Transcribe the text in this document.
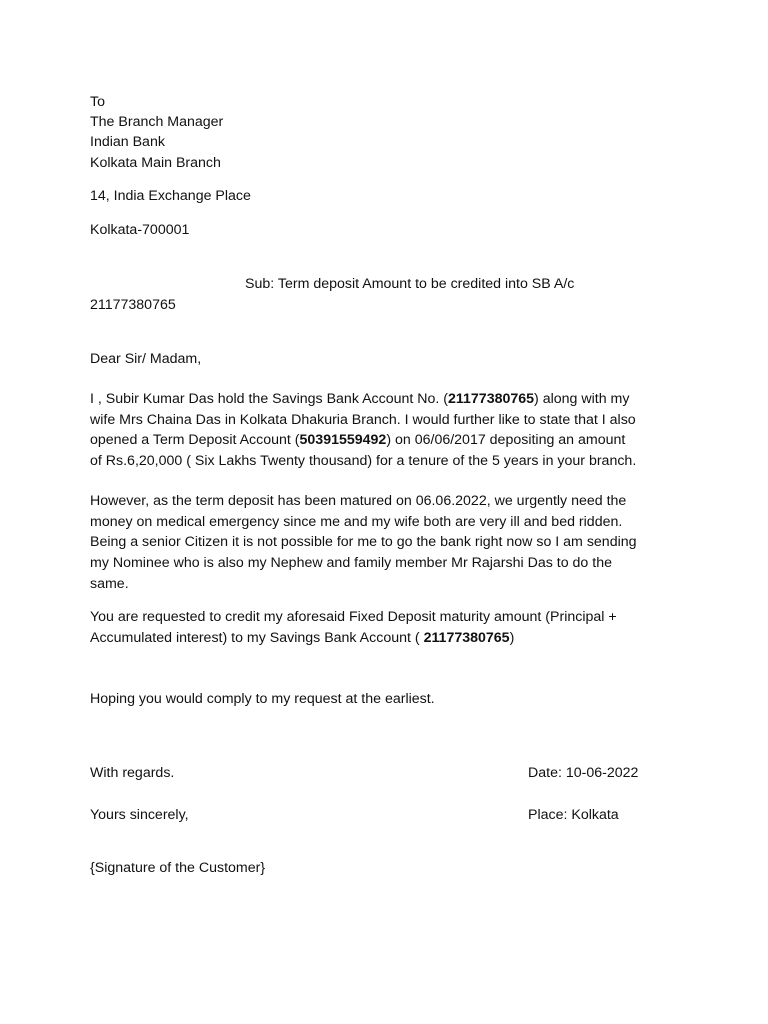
To
The Branch Manager
Indian Bank
Kolkata Main Branch
14, India Exchange Place
Kolkata-700001
Sub: Term deposit Amount to be credited into SB A/c
21177380765
Dear Sir/ Madam,
I , Subir Kumar Das hold the Savings Bank Account No. (21177380765) along with my
wife Mrs Chaina Das in Kolkata Dhakuria Branch. I would further like to state that I also
opened a Term Deposit Account (50391559492) on 06/06/2017 depositing an amount
of Rs.6,20,000 ( Six Lakhs Twenty thousand) for a tenure of the 5 years in your branch.
However, as the term deposit has been matured on 06.06.2022, we urgently need the
money on medical emergency since me and my wife both are very ill and bed ridden.
Being a senior Citizen it is not possible for me to go the bank right now so I am sending
my Nominee who is also my Nephew and family member Mr Rajarshi Das to do the
same.
You are requested to credit my aforesaid Fixed Deposit maturity amount (Principal +
Accumulated interest) to my Savings Bank Account ( 21177380765)
Hoping you would comply to my request at the earliest.
With regards.	Date: 10-06-2022
Yours sincerely,	Place: Kolkata
{Signature of the Customer}
